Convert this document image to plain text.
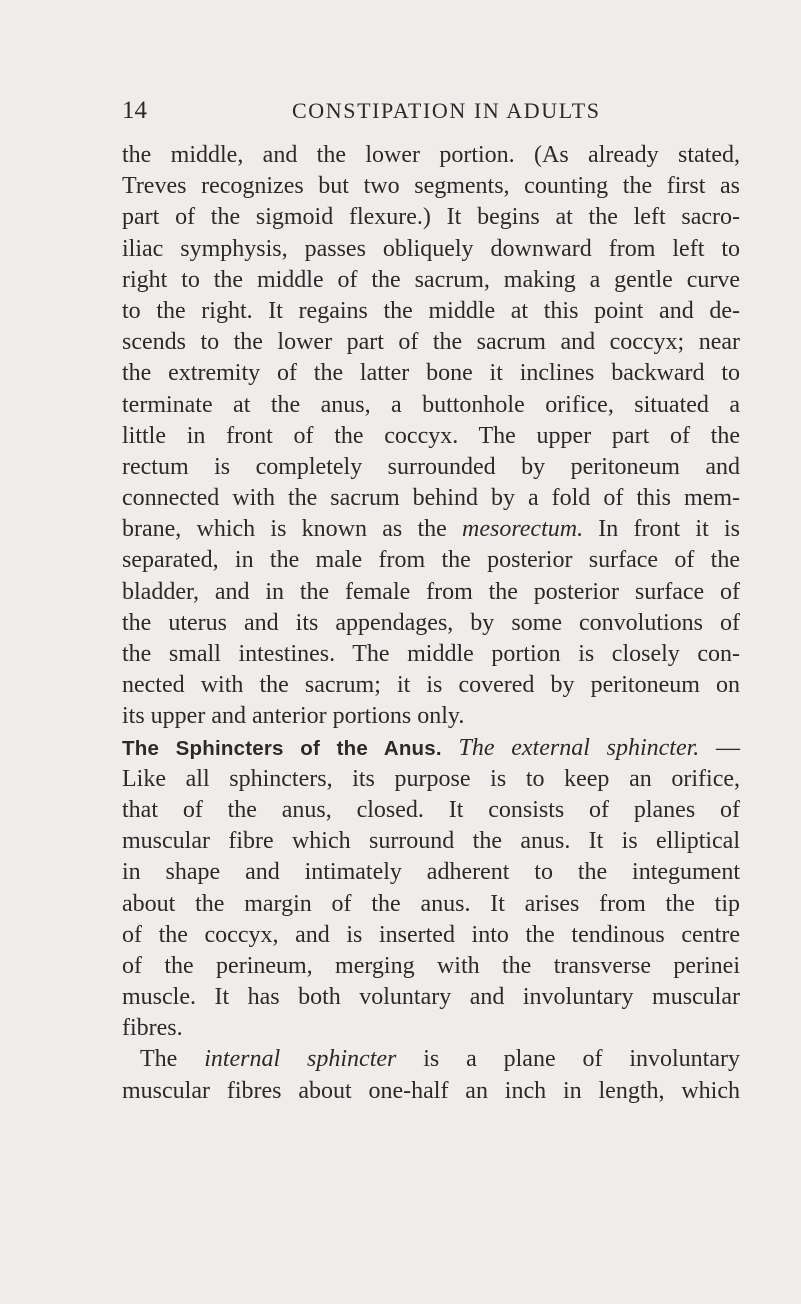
14	CONSTIPATION IN ADULTS
the middle, and the lower portion. (As already stated,
Treves recognizes but two segments, counting the first as
part of the sigmoid flexure.) It begins at the left sacro-
iliac symphysis, passes obliquely downward from left to
right to the middle of the sacrum, making a gentle curve
to the right. It regains the middle at this point and de-
scends to the lower part of the sacrum and coccyx; near
the extremity of the latter bone it inclines backward to
terminate at the anus, a buttonhole orifice, situated a
little in front of the coccyx. The upper part of the
rectum is completely surrounded by peritoneum and
connected with the sacrum behind by a fold of this mem-
brane, which is known as the mesorectum. In front it is
separated, in the male from the posterior surface of the
bladder, and in the female from the posterior surface of
the uterus and its appendages, by some convolutions of
the small intestines. The middle portion is closely con-
nected with the sacrum; it is covered by peritoneum on
its upper and anterior portions only.
The Sphincters of the Anus. The external sphincter. —
Like all sphincters, its purpose is to keep an orifice,
that of the anus, closed. It consists of planes of
muscular fibre which surround the anus. It is elliptical
in shape and intimately adherent to the integument
about the margin of the anus. It arises from the tip
of the coccyx, and is inserted into the tendinous centre
of the perineum, merging with the transverse perinei
muscle. It has both voluntary and involuntary muscular
fibres.
The internal sphincter is a plane of involuntary
muscular fibres about one-half an inch in length, which
